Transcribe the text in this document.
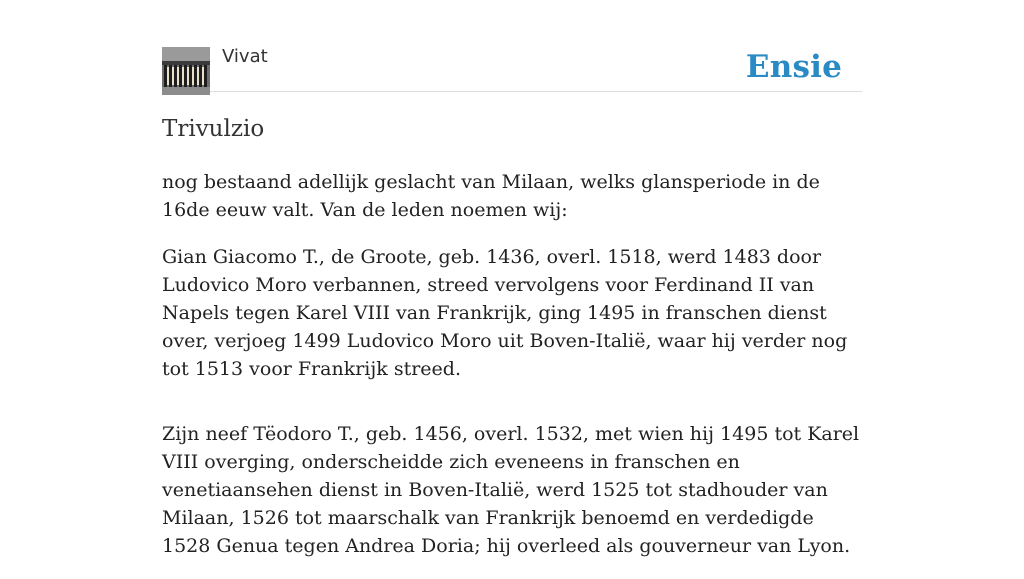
Vivat	Ensie
Trivulzio

nog bestaand adellijk geslacht van Milaan, welks glansperiode in de 16de eeuw valt. Van de leden noemen wij:

Gian Giacomo T., de Groote, geb. 1436, overl. 1518, werd 1483 door Ludovico Moro verbannen, streed vervolgens voor Ferdinand II van Napels tegen Karel VIII van Frankrijk, ging 1495 in franschen dienst over, verjoeg 1499 Ludovico Moro uit Boven-Italië, waar hij verder nog tot 1513 voor Frankrijk streed.

Zijn neef Tëodoro T., geb. 1456, overl. 1532, met wien hij 1495 tot Karel VIII overging, onderscheidde zich eveneens in franschen en venetiaansehen dienst in Boven-Italië, werd 1525 tot stadhouder van Milaan, 1526 tot maarschalk van Frankrijk benoemd en verdedigde 1528 Genua tegen Andrea Doria; hij overleed als gouverneur van Lyon.
